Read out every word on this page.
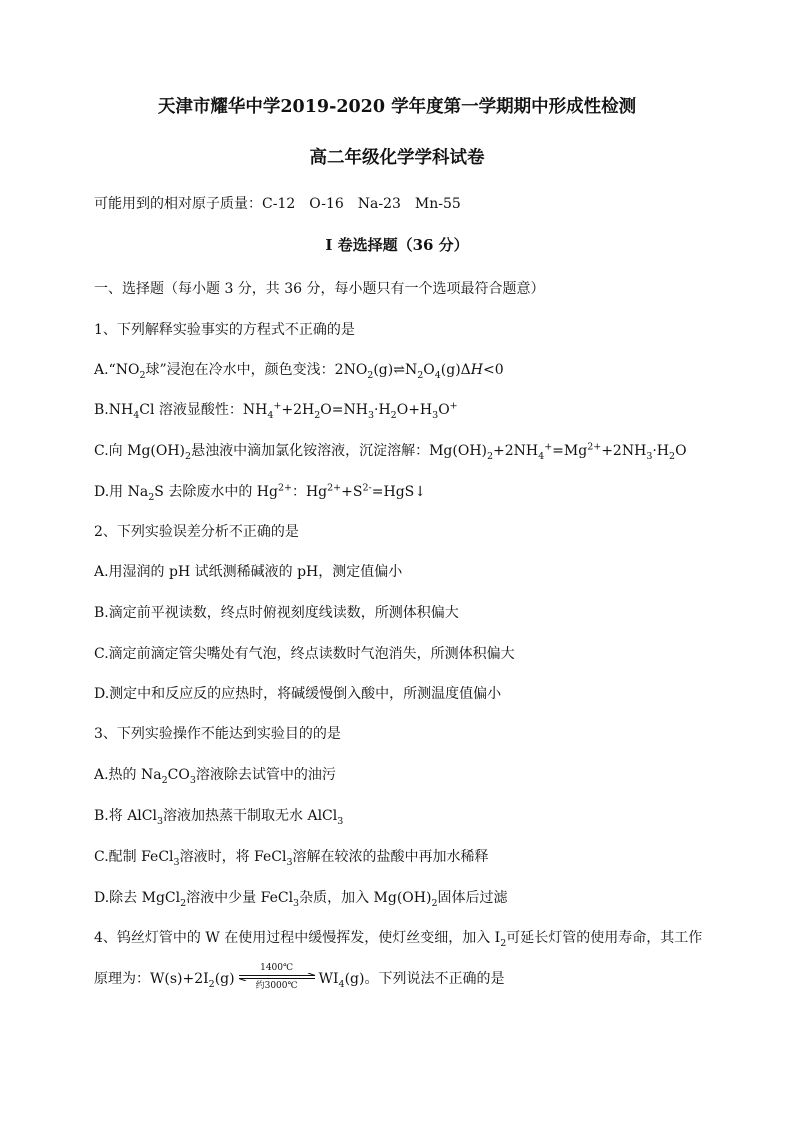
天津市耀华中学2019-2020 学年度第一学期期中形成性检测
高二年级化学学科试卷
可能用到的相对原子质量：C-12　O-16　Na-23　Mn-55
I 卷选择题（36 分）
一、选择题（每小题 3 分，共 36 分，每小题只有一个选项最符合题意）
1、下列解释实验事实的方程式不正确的是
$A.“NO_2$球”浸泡在冷水中，颜色变浅：$2NO_2(g)\rightleftharpoons N_2O_4(g)\Delta H<0$
$B.NH_4Cl$ 溶液显酸性：$NH_4^++2H_2O=NH_3\cdot H_2O+H_3O^+$
C.向 $Mg(OH)_2$悬浊液中滴加氯化铵溶液，沉淀溶解：$Mg(OH)_2+2NH_4^+=Mg^{2+}+2NH_3\cdot H_2O$
D.用 $Na_2S$ 去除废水中的 $Hg^{2+}$：$Hg^{2+}+S^{2-}=HgS↓$
2、下列实验误差分析不正确的是
A.用湿润的 pH 试纸测稀碱液的 pH，测定值偏小
B.滴定前平视读数，终点时俯视刻度线读数，所测体积偏大
C.滴定前滴定管尖嘴处有气泡，终点读数时气泡消失，所测体积偏大
D.测定中和反应反的应热时，将碱缓慢倒入酸中，所测温度值偏小
3、下列实验操作不能达到实验目的的是
A.热的 $Na_2CO_3$溶液除去试管中的油污
B.将 AlCl$_3$溶液加热蒸干制取无水 AlCl$_3$
C.配制 FeCl$_3$溶液时，将 FeCl$_3$溶解在较浓的盐酸中再加水稀释
D.除去 MgCl$_2$溶液中少量 FeCl$_3$杂质，加入 $Mg(OH)_2$固体后过滤
4、钨丝灯管中的 W 在使用过程中缓慢挥发，使灯丝变细，加入 $I_2$可延长灯管的使用寿命，其工作
原理为：$W(s)+2I_2(g)$
1400℃
约3000℃ $WI_4(g)$。下列说法不正确的是
